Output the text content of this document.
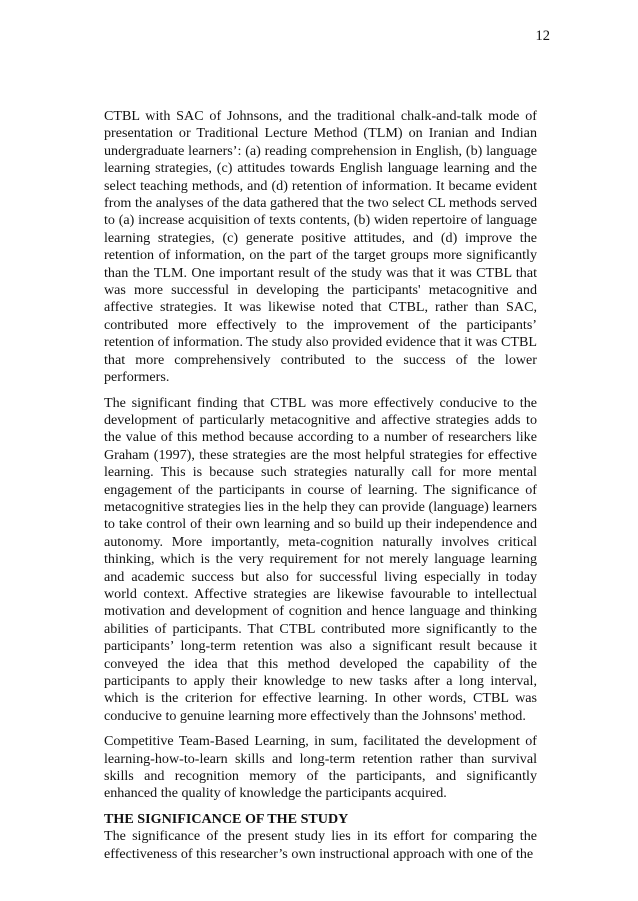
12

CTBL with SAC of Johnsons, and the traditional chalk-and-talk mode of presentation or Traditional Lecture Method (TLM) on Iranian and Indian undergraduate learners’: (a) reading comprehension in English, (b) language learning strategies, (c) attitudes towards English language learning and the select teaching methods, and (d) retention of information. It became evident from the analyses of the data gathered that the two select CL methods served to (a) increase acquisition of texts contents, (b) widen repertoire of language learning strategies, (c) generate positive attitudes, and (d) improve the retention of information, on the part of the target groups more significantly than the TLM. One important result of the study was that it was CTBL that was more successful in developing the participants' metacognitive and affective strategies. It was likewise noted that CTBL, rather than SAC, contributed more effectively to the improvement of the participants’ retention of information. The study also provided evidence that it was CTBL that more comprehensively contributed to the success of the lower performers.

The significant finding that CTBL was more effectively conducive to the development of particularly metacognitive and affective strategies adds to the value of this method because according to a number of researchers like Graham (1997), these strategies are the most helpful strategies for effective learning. This is because such strategies naturally call for more mental engagement of the participants in course of learning. The significance of metacognitive strategies lies in the help they can provide (language) learners to take control of their own learning and so build up their independence and autonomy. More importantly, meta-cognition naturally involves critical thinking, which is the very requirement for not merely language learning and academic success but also for successful living especially in today world context. Affective strategies are likewise favourable to intellectual motivation and development of cognition and hence language and thinking abilities of participants. That CTBL contributed more significantly to the participants’ long-term retention was also a significant result because it conveyed the idea that this method developed the capability of the participants to apply their knowledge to new tasks after a long interval, which is the criterion for effective learning. In other words, CTBL was conducive to genuine learning more effectively than the Johnsons' method.

Competitive Team-Based Learning, in sum, facilitated the development of learning-how-to-learn skills and long-term retention rather than survival skills and recognition memory of the participants, and significantly enhanced the quality of knowledge the participants acquired.

THE SIGNIFICANCE OF THE STUDY

The significance of the present study lies in its effort for comparing the effectiveness of this researcher’s own instructional approach with one of the
